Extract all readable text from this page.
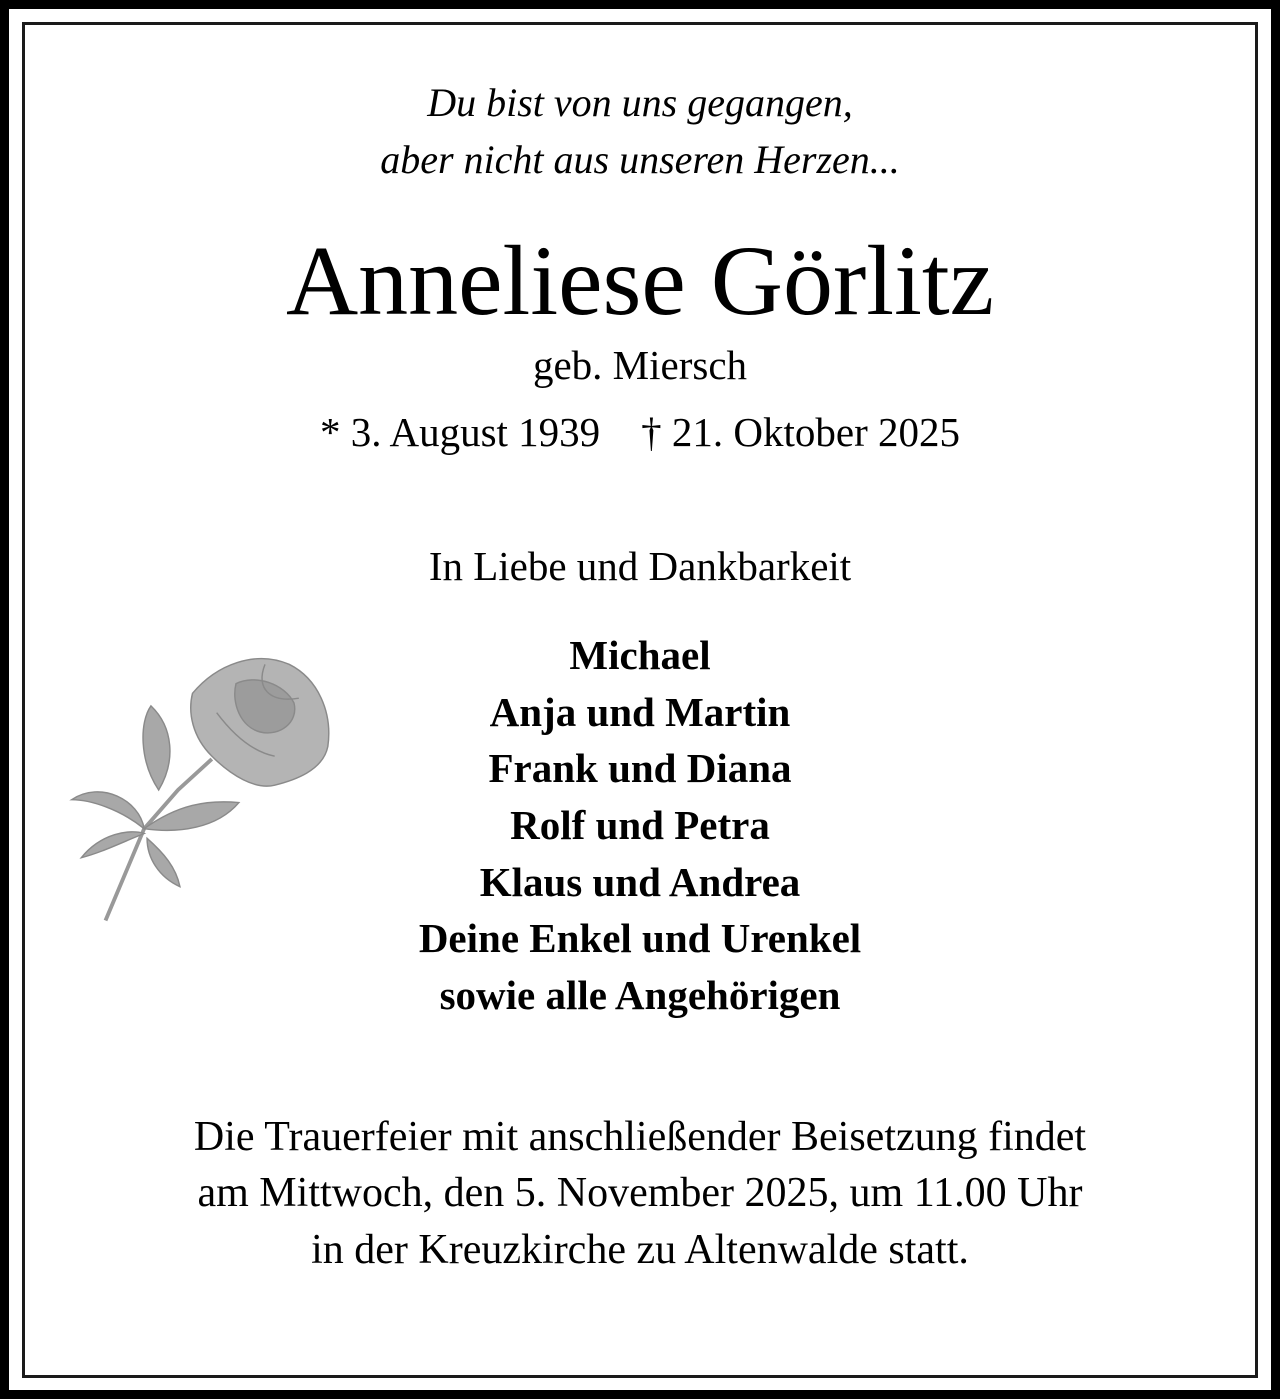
Du bist von uns gegangen,
aber nicht aus unseren Herzen...
Anneliese Görlitz
geb. Miersch
* 3. August 1939 † 21. Oktober 2025
In Liebe und Dankbarkeit
Michael
Anja und Martin
Frank und Diana
Rolf und Petra
Klaus und Andrea
Deine Enkel und Urenkel
sowie alle Angehörigen
Die Trauerfeier mit anschließender Beisetzung findet
am Mittwoch, den 5. November 2025, um 11.00 Uhr
in der Kreuzkirche zu Altenwalde statt.
